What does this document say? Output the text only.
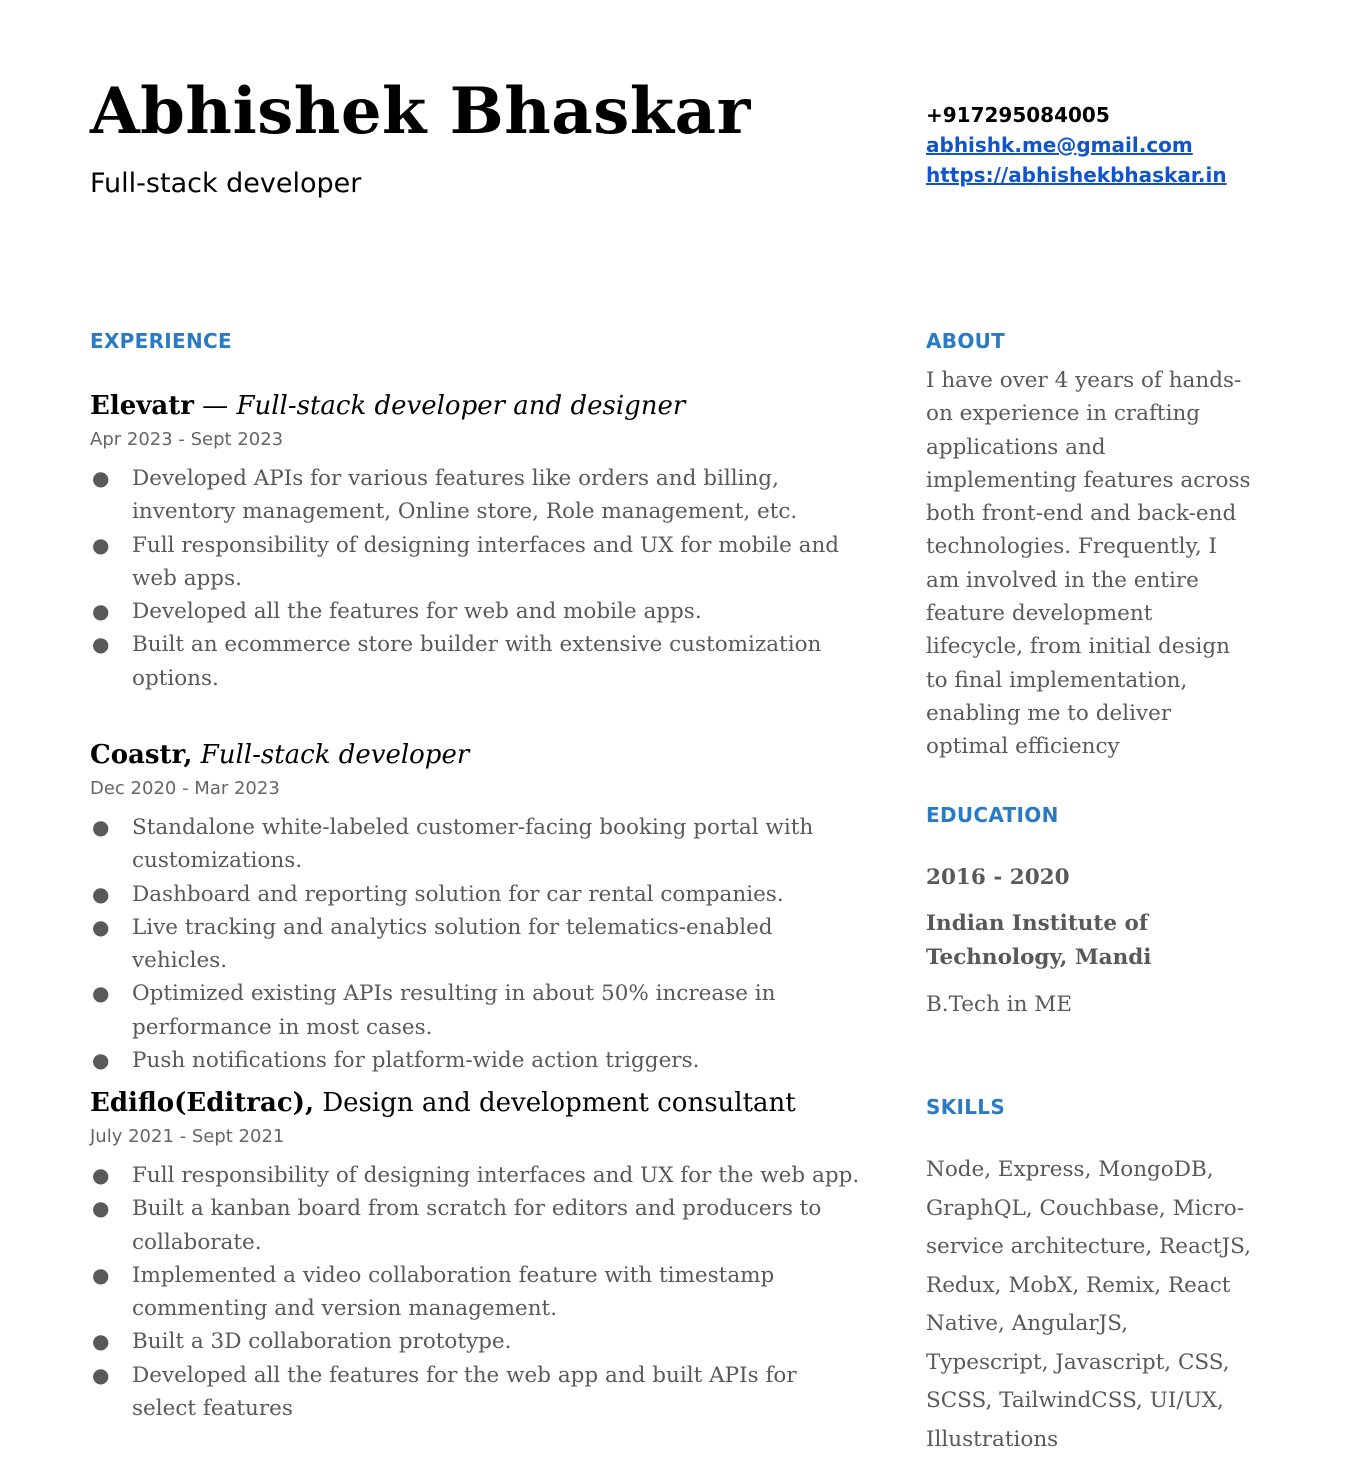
Abhishek Bhaskar
Full-stack developer
+917295084005
abhishk.me@gmail.com
https://abhishekbhaskar.in
EXPERIENCE
Elevatr — Full-stack developer and designer
Apr 2023 - Sept 2023
● Developed APIs for various features like orders and billing, inventory management, Online store, Role management, etc.
● Full responsibility of designing interfaces and UX for mobile and web apps.
● Developed all the features for web and mobile apps.
● Built an ecommerce store builder with extensive customization options.
Coastr, Full-stack developer
Dec 2020 - Mar 2023
● Standalone white-labeled customer-facing booking portal with customizations.
● Dashboard and reporting solution for car rental companies.
● Live tracking and analytics solution for telematics-enabled vehicles.
● Optimized existing APIs resulting in about 50% increase in performance in most cases.
● Push notifications for platform-wide action triggers.
Ediflo(Editrac), Design and development consultant
July 2021 - Sept 2021
● Full responsibility of designing interfaces and UX for the web app.
● Built a kanban board from scratch for editors and producers to collaborate.
● Implemented a video collaboration feature with timestamp commenting and version management.
● Built a 3D collaboration prototype.
● Developed all the features for the web app and built APIs for select features
ABOUT
I have over 4 years of hands-on experience in crafting applications and implementing features across both front-end and back-end technologies. Frequently, I am involved in the entire feature development lifecycle, from initial design to final implementation, enabling me to deliver optimal efficiency
EDUCATION
2016 - 2020
Indian Institute of Technology, Mandi
B.Tech in ME
SKILLS
Node, Express, MongoDB, GraphQL, Couchbase, Micro-service architecture, ReactJS, Redux, MobX, Remix, React Native, AngularJS, Typescript, Javascript, CSS, SCSS, TailwindCSS, UI/UX, Illustrations
